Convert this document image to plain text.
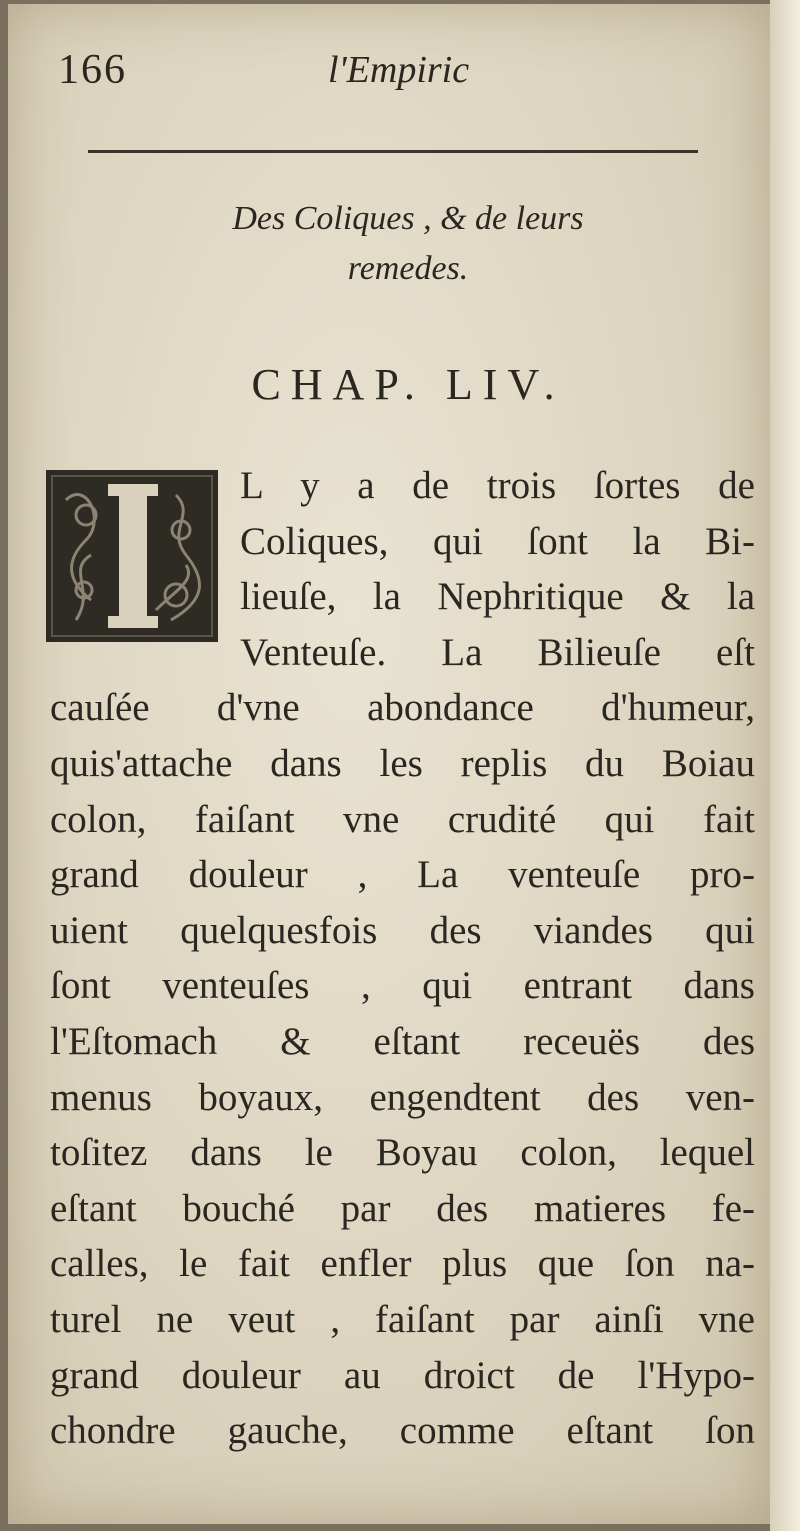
166	l'Empiric
Des Coliques , & de leurs
remedes.
CHAP. LIV.
L y a de trois ſortes de
Coliques, qui ſont la Bi-
lieuſe, la Nephritique & la
Venteuſe. La Bilieuſe eſt
cauſée d'vne abondance d'humeur,
quis'attache dans les replis du Boiau
colon, faiſant vne crudité qui fait
grand douleur , La venteuſe pro-
uient quelquesfois des viandes qui
ſont venteuſes , qui entrant dans
l'Eſtomach & eſtant receuës des
menus boyaux, engendtent des ven-
toſitez dans le Boyau colon, lequel
eſtant bouché par des matieres fe-
calles, le fait enfler plus que ſon na-
turel ne veut , faiſant par ainſi vne
grand douleur au droict de l'Hypo-
chondre gauche, comme eſtant ſon
